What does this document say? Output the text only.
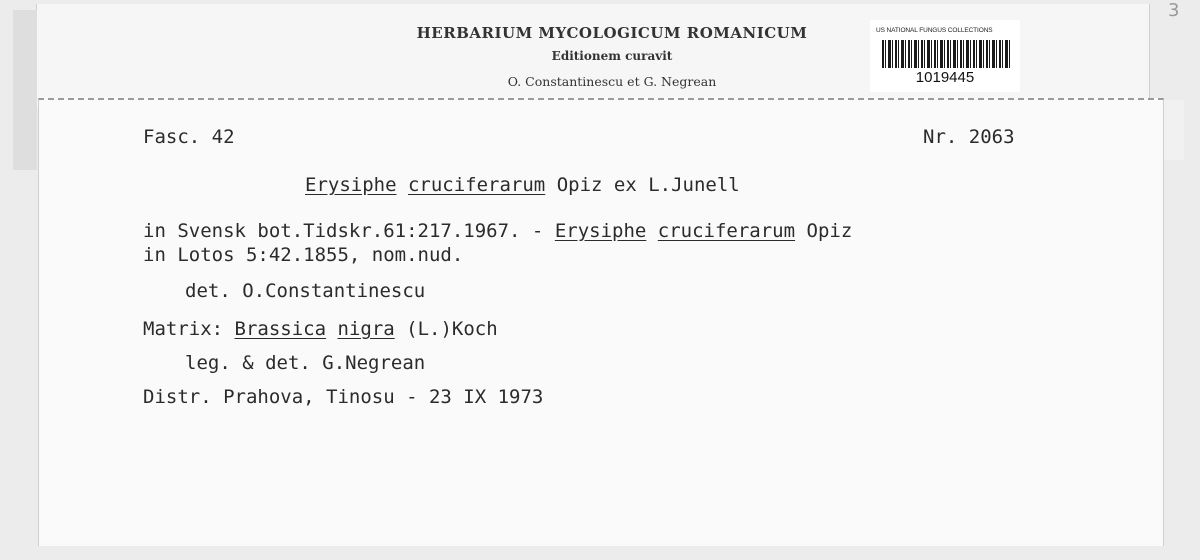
HERBARIUM MYCOLOGICUM ROMANICUM
Editionem curavit
O. Constantinescu et G. Negrean
US NATIONAL FUNGUS COLLECTIONS
1019445
3
Fasc. 42	Nr. 2063
Erysiphe cruciferarum Opiz ex L.Junell
in Svensk bot.Tidskr.61:217.1967. - Erysiphe cruciferarum Opiz
in Lotos 5:42.1855, nom.nud.
det. O.Constantinescu
Matrix: Brassica nigra (L.)Koch
leg. & det. G.Negrean
Distr. Prahova, Tinosu - 23 IX 1973
